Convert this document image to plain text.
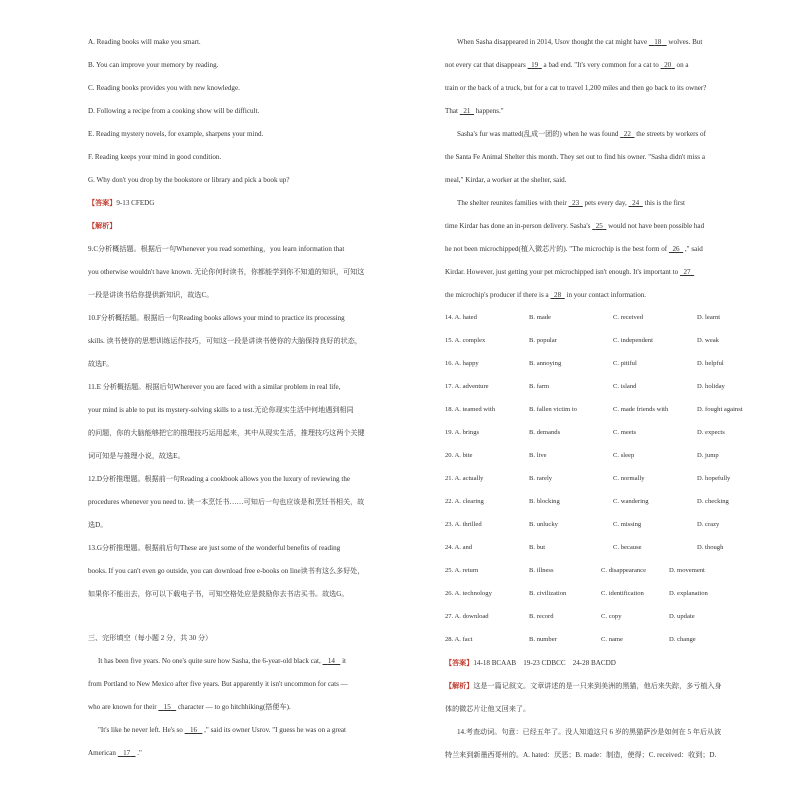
A. Reading books will make you smart.
B. You can improve your memory by reading.
C. Reading books provides you with new knowledge.
D. Following a recipe from a cooking show will be difficult.
E. Reading mystery novels, for example, sharpens your mind.
F. Reading keeps your mind in good condition.
G. Why don't you drop by the bookstore or library and pick a book up?
【答案】9-13 CFEDG
【解析】
9.C分析概括题。根据后一句Whenever you read something，you learn information that
you otherwise wouldn't have known. 无论你何时读书，你都能学到你不知道的知识，可知这
一段是讲读书给你提供新知识，故选C。
10.F分析概括题。根据后一句Reading books allows your mind to practice its processing
skills. 读书使你的思想训练运作技巧，可知这一段是讲读书使你的大脑保持良好的状态，
故选F。
11.E 分析概括题。根据后句Wherever you are faced with a similar problem in real life,
your mind is able to put its mystery-solving skills to a test.无论你现实生活中何地遇到相同
的问题，你的大脑能够把它的推理技巧运用起来，其中从现实生活，推理技巧这两个关键
词可知是与推理小说，故选E。
12.D分析推理题。根据前一句Reading a cookbook allows you the luxury of reviewing the
procedures whenever you need to. 读一本烹饪书……可知后一句也应该是和烹饪书相关，故
选D。
13.G分析推理题。根据前后句These are just some of the wonderful benefits of reading
books. If you can't even go outside, you can download free e-books on line读书有这么多好处，
如果你不能出去，你可以下载电子书，可知空格处应是鼓励你去书店买书。故选G。
三、完形填空（每小题 2 分，共 30 分）
It has been five years. No one's quite sure how Sasha, the 6-year-old black cat, 14 it
from Portland to New Mexico after five years. But apparently it isn't uncommon for cats —
who are known for their 15 character — to go hitchhiking(搭便车).
"It's like he never left. He's so 16 ," said its owner Usrov. "I guess he was on a great
American 17 ."
When Sasha disappeared in 2014, Usov thought the cat might have 18 wolves. But
not every cat that disappears 19 a bad end. "It's very common for a cat to 20 on a
train or the back of a truck, but for a cat to travel 1,200 miles and then go back to its owner?
That 21 happens."
Sasha's fur was matted(乱成一团的) when he was found 22 the streets by workers of
the Santa Fe Animal Shelter this month. They set out to find his owner. "Sasha didn't miss a
meal," Kirdar, a worker at the shelter, said.
The shelter reunites families with their 23 pets every day, 24 this is the first
time Kirdar has done an in-person delivery. Sasha's 25 would not have been possible had
he not been microchipped(植入微芯片的). "The microchip is the best form of 26 ," said
Kirdar. However, just getting your pet microchipped isn't enough. It's important to 27
the microchip's producer if there is a 28 in your contact information.
14. A. hated	B. made	C. received	D. learnt
15. A. complex	B. popular	C. independent	D. weak
16. A. happy	B. annoying	C. pitiful	D. helpful
17. A. adventure	B. farm	C. island	D. holiday
18. A. teamed with	B. fallen victim to	C. made friends with	D. fought against
19. A. brings	B. demands	C. meets	D. expects
20. A. bite	B. live	C. sleep	D. jump
21. A. actually	B. rarely	C. normally	D. hopefully
22. A. clearing	B. blocking	C. wandering	D. checking
23. A. thrilled	B. unlucky	C. missing	D. crazy
24. A. and	B. but	C. because	D. though
25. A. return	B. illness	C. disappearance	D. movement
26. A. technology	B. civilization	C. identification	D. explanation
27. A. download	B. record	C. copy	D. update
28. A. fact	B. number	C. name	D. change
【答案】14-18 BCAAB    19-23 CDBCC    24-28 BACDD
【解析】这是一篇记叙文。文章讲述的是一只来到美洲的黑猫，他后来失踪，多亏植入身
体的微芯片让他又回来了。
14.考查动词。句意：已经五年了。没人知道这只 6 岁的黑猫萨沙是如何在 5 年后从波
特兰来到新墨西哥州的。A. hated：厌恶；B. made：制造，使得；C. received：收到；D.
